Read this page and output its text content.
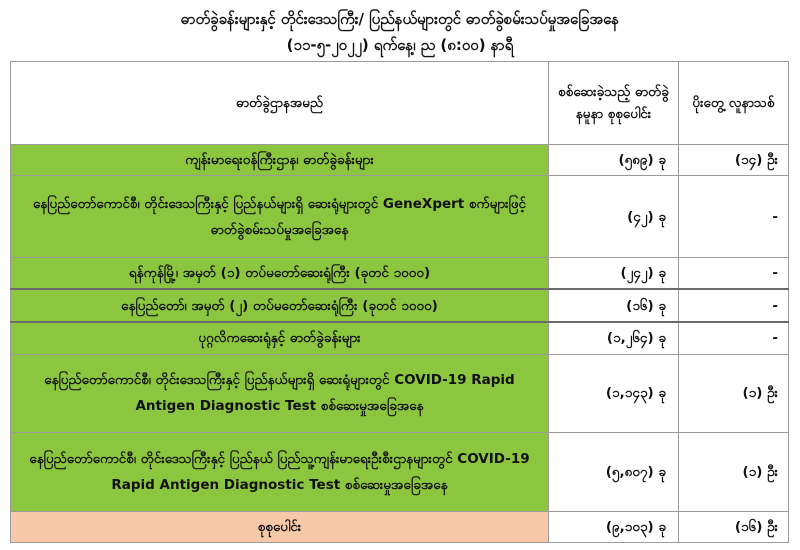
ဓာတ်ခွဲခန်းများနှင့် တိုင်းဒေသကြီး/ ပြည်နယ်များတွင် ဓာတ်ခွဲစမ်းသပ်မှုအခြေအနေ
(၁၁-၅-၂၀၂၂) ရက်နေ့၊ ည (၈:၀၀) နာရီ
ဓာတ်ခွဲဌာနအမည်	စစ်ဆေးခဲ့သည့် ဓာတ်ခွဲနမူနာ စုစုပေါင်း	ပိုးတွေ့ လူနာသစ်
ကျန်းမာရေးဝန်ကြီးဌာန၊ ဓာတ်ခွဲခန်းများ	(၅၈၉) ခု	(၁၄) ဦး
နေပြည်တော်ကောင်စီ၊ တိုင်းဒေသကြီးနှင့် ပြည်နယ်များရှိ ဆေးရုံများတွင် GeneXpert စက်များဖြင့် ဓာတ်ခွဲစမ်းသပ်မှုအခြေအနေ	(၄၂) ခု	-
ရန်ကုန်မြို့၊ အမှတ် (၁) တပ်မတော်ဆေးရုံကြီး (ခုတင် ၁၀၀၀)	(၂၄၂) ခု	-
နေပြည်တော်၊ အမှတ် (၂) တပ်မတော်ဆေးရုံကြီး (ခုတင် ၁၀၀၀)	(၁၆) ခု	-
ပုဂ္ဂလိကဆေးရုံနှင့် ဓာတ်ခွဲခန်းများ	(၁,၂၆၄) ခု	-
နေပြည်တော်ကောင်စီ၊ တိုင်းဒေသကြီးနှင့် ပြည်နယ်များရှိ ဆေးရုံများတွင် COVID-19 Rapid Antigen Diagnostic Test စစ်ဆေးမှုအခြေအနေ	(၁,၁၄၃) ခု	(၁) ဦး
နေပြည်တော်ကောင်စီ၊ တိုင်းဒေသကြီးနှင့် ပြည်နယ် ပြည်သူ့ကျန်းမာရေးဦးစီးဌာနများတွင် COVID-19 Rapid Antigen Diagnostic Test စစ်ဆေးမှုအခြေအနေ	(၅,၈၀၇) ခု	(၁) ဦး
စုစုပေါင်း	(၉,၁၀၃) ခု	(၁၆) ဦး
